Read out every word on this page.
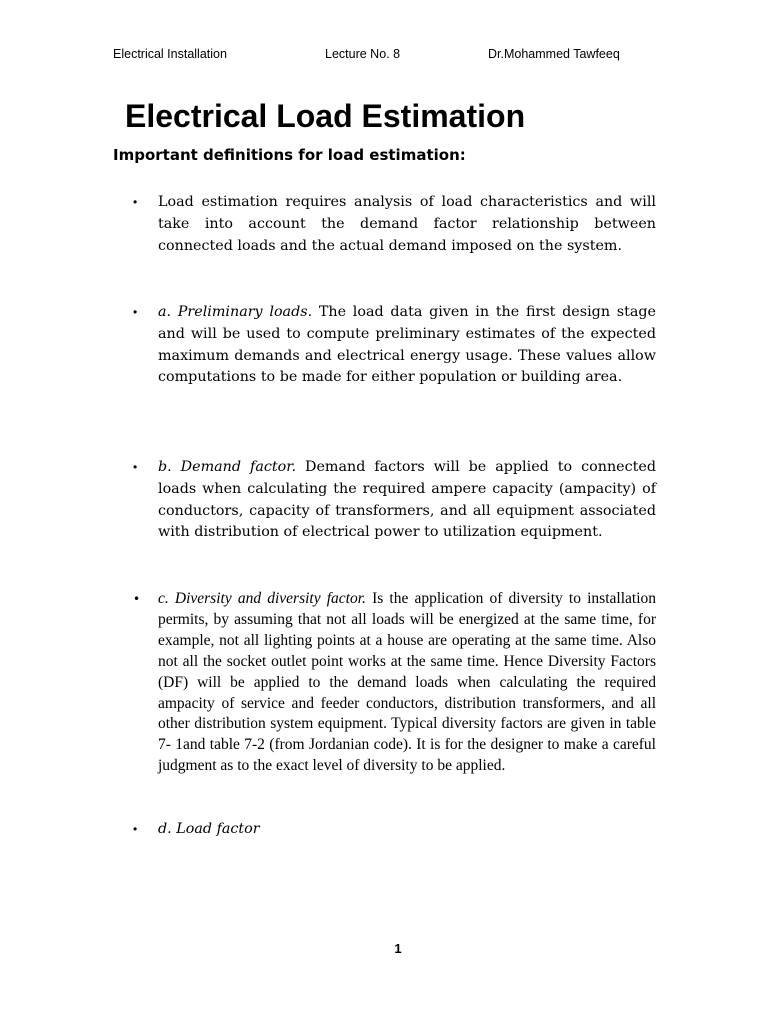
Electrical Installation	Lecture No. 8	Dr.Mohammed Tawfeeq
Electrical Load Estimation
Important definitions for load estimation:
• Load estimation requires analysis of load characteristics and will take into account the demand factor relationship between connected loads and the actual demand imposed on the system.
• a. Preliminary loads. The load data given in the first design stage and will be used to compute preliminary estimates of the expected maximum demands and electrical energy usage. These values allow computations to be made for either population or building area.
• b. Demand factor. Demand factors will be applied to connected loads when calculating the required ampere capacity (ampacity) of conductors, capacity of transformers, and all equipment associated with distribution of electrical power to utilization equipment.
• c. Diversity and diversity factor. Is the application of diversity to installation permits, by assuming that not all loads will be energized at the same time, for example, not all lighting points at a house are operating at the same time. Also not all the socket outlet point works at the same time. Hence Diversity Factors (DF) will be applied to the demand loads when calculating the required ampacity of service and feeder conductors, distribution transformers, and all other distribution system equipment. Typical diversity factors are given in table 7- 1and table 7-2 (from Jordanian code). It is for the designer to make a careful judgment as to the exact level of diversity to be applied.
• d. Load factor
1
